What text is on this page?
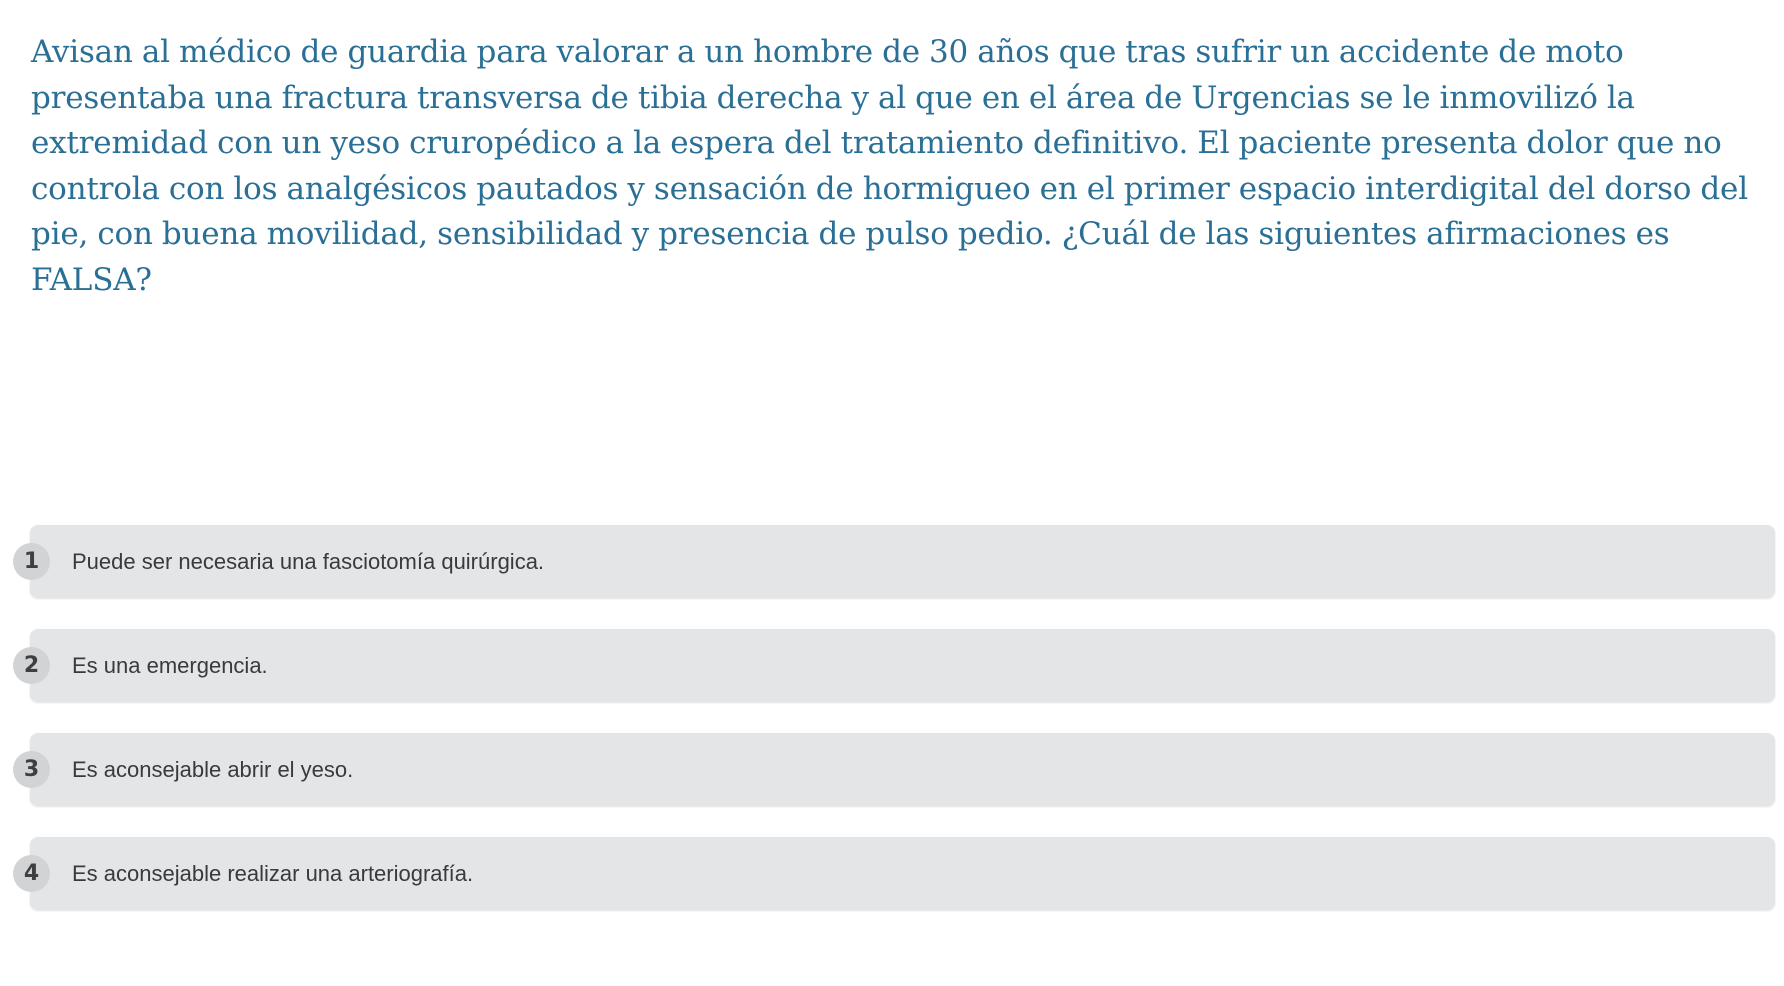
Avisan al médico de guardia para valorar a un hombre de 30 años que tras sufrir un accidente de moto presentaba una fractura transversa de tibia derecha y al que en el área de Urgencias se le inmovilizó la extremidad con un yeso cruropédico a la espera del tratamiento definitivo. El paciente presenta dolor que no controla con los analgésicos pautados y sensación de hormigueo en el primer espacio interdigital del dorso del pie, con buena movilidad, sensibilidad y presencia de pulso pedio. ¿Cuál de las siguientes afirmaciones es FALSA?

1	Puede ser necesaria una fasciotomía quirúrgica.
2	Es una emergencia.
3	Es aconsejable abrir el yeso.
4	Es aconsejable realizar una arteriografía.
